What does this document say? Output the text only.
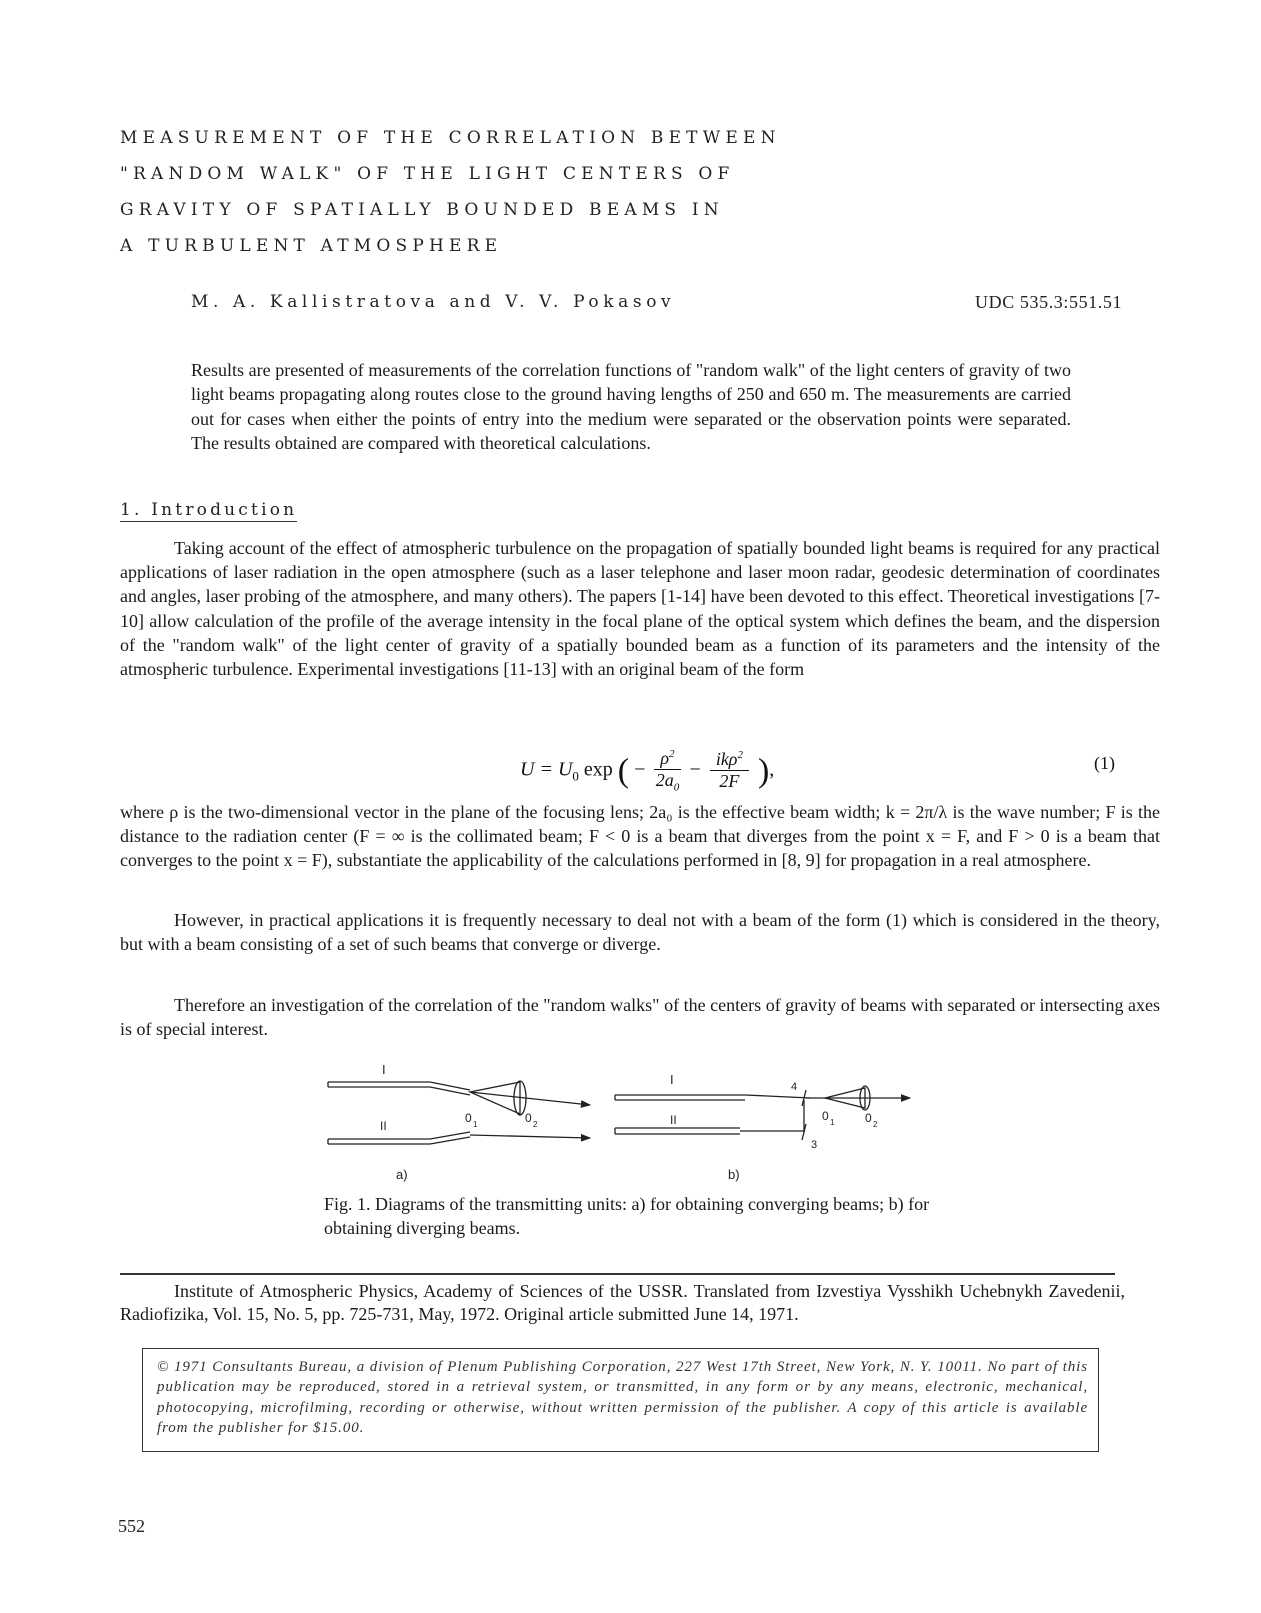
MEASUREMENT OF THE CORRELATION BETWEEN
"RANDOM WALK" OF THE LIGHT CENTERS OF
GRAVITY OF SPATIALLY BOUNDED BEAMS IN
A TURBULENT ATMOSPHERE
M. A. Kallistratova and V. V. Pokasov	UDC 535.3:551.51

Results are presented of measurements of the correlation functions of "random walk" of the light centers of gravity of two light beams propagating along routes close to the ground having lengths of 250 and 650 m. The measurements are carried out for cases when either the points of entry into the medium were separated or the observation points were separated. The results obtained are compared with theoretical calculations.

1. Introduction

Taking account of the effect of atmospheric turbulence on the propagation of spatially bounded light beams is required for any practical applications of laser radiation in the open atmosphere (such as a laser telephone and laser moon radar, geodesic determination of coordinates and angles, laser probing of the atmosphere, and many others). The papers [1-14] have been devoted to this effect. Theoretical investigations [7-10] allow calculation of the profile of the average intensity in the focal plane of the optical system which defines the beam, and the dispersion of the "random walk" of the light center of gravity of a spatially bounded beam as a function of its parameters and the intensity of the atmospheric turbulence. Experimental investigations [11-13] with an original beam of the form

$U = U_0$ exp ( − $\frac{\rho^2}{2a_0} - ik\rho^2$
2F ),	(1)

where ρ is the two-dimensional vector in the plane of the focusing lens; 2a₀ is the effective beam width; k = 2π/λ is the wave number; F is the distance to the radiation center (F = ∞ is the collimated beam; F < 0 is a beam that diverges from the point x = F, and F > 0 is a beam that converges to the point x = F), substantiate the applicability of the calculations performed in [8, 9] for propagation in a real atmosphere.

However, in practical applications it is frequently necessary to deal not with a beam of the form (1) which is considered in the theory, but with a beam consisting of a set of such beams that converge or diverge.

Therefore an investigation of the correlation of the "random walks" of the centers of gravity of beams with separated or intersecting axes is of special interest.

I
II
0 1	0 2
I
II
4
3
0 1	0 2
a)	b)
Fig. 1. Diagrams of the transmitting units: a) for obtaining converging beams; b) for obtaining diverging beams.

Institute of Atmospheric Physics, Academy of Sciences of the USSR. Translated from Izvestiya Vysshikh Uchebnykh Zavedenii, Radiofizika, Vol. 15, No. 5, pp. 725-731, May, 1972. Original article submitted June 14, 1971.

© 1971 Consultants Bureau, a division of Plenum Publishing Corporation, 227 West 17th Street, New York, N. Y. 10011. No part of this publication may be reproduced, stored in a retrieval system, or transmitted, in any form or by any means, electronic, mechanical, photocopying, microfilming, recording or otherwise, without written permission of the publisher. A copy of this article is available from the publisher for $15.00.
552
